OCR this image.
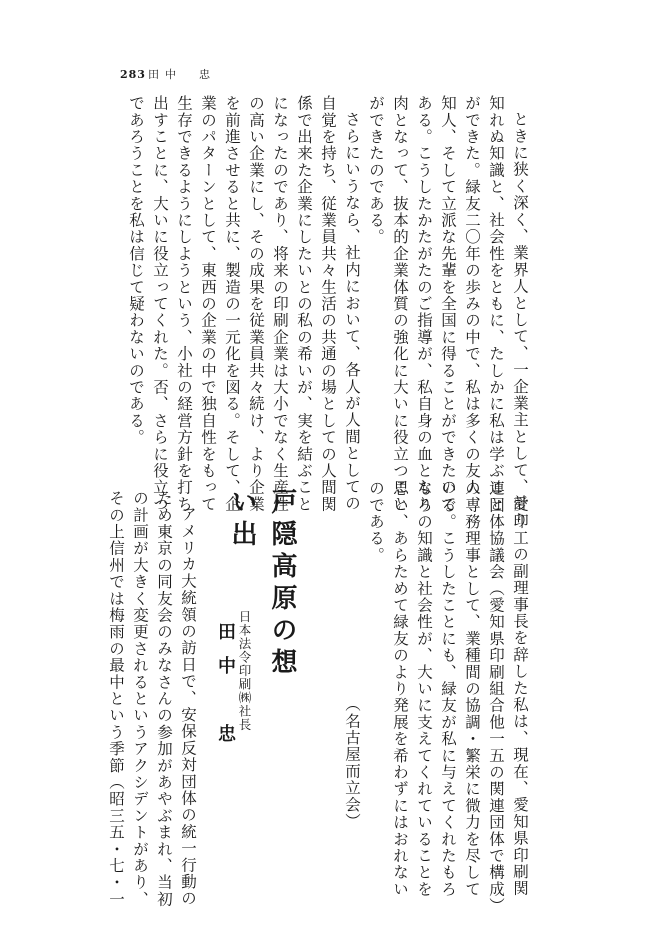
283 田中　忠
ときに狭く深く、業界人として、一企業主として、計り
知れぬ知識と、社会性をともに、たしかに私は学ぶこと
ができた。緑友二〇年の歩みの中で、私は多くの友人、
知人、そして立派な先輩を全国に得ることができたので
ある。こうしたかたがたのご指導が、私自身の血となり
肉となって、抜本的企業体質の強化に大いに役立つこと
ができたのである。
さらにいうなら、社内において、各人が人間としての
自覚を持ち、従業員共々生活の共通の場としての人間関
係で出来た企業にしたいとの私の希いが、実を結ぶこと
になったのであり、将来の印刷企業は大小でなく生産性
の高い企業にし、その成果を従業員共々続け、より企業
を前進させると共に、製造の一元化を図る。そして、企
業のパターンとして、東西の企業の中で独自性をもって
生存できるようにしようという、小社の経営方針を打ち
出すことに、大いに役立ってくれた。否、さらに役立つ
であろうことを私は信じて疑わないのである。
愛印工の副理事長を辞した私は、現在、愛知県印刷関
連団体協議会（愛知県印刷組合他一五の関連団体で構成）
の専務理事として、業種間の協調・繁栄に微力を尽して
いる。こうしたことにも、緑友が私に与えてくれたもろ
もろの知識と社会性が、大いに支えてくれていることを
思い、あらためて緑友のより発展を希わずにはおれない
のである。
（名古屋而立会）
戸隠高原の想い出
日本法令印刷㈱社長
田中　忠
アメリカ大統領の訪日で、安保反対団体の統一行動の
ため東京の同友会のみなさんの参加があやぶまれ、当初
の計画が大きく変更されるというアクシデントがあり、
その上信州では梅雨の最中という季節（昭三五・七・一
